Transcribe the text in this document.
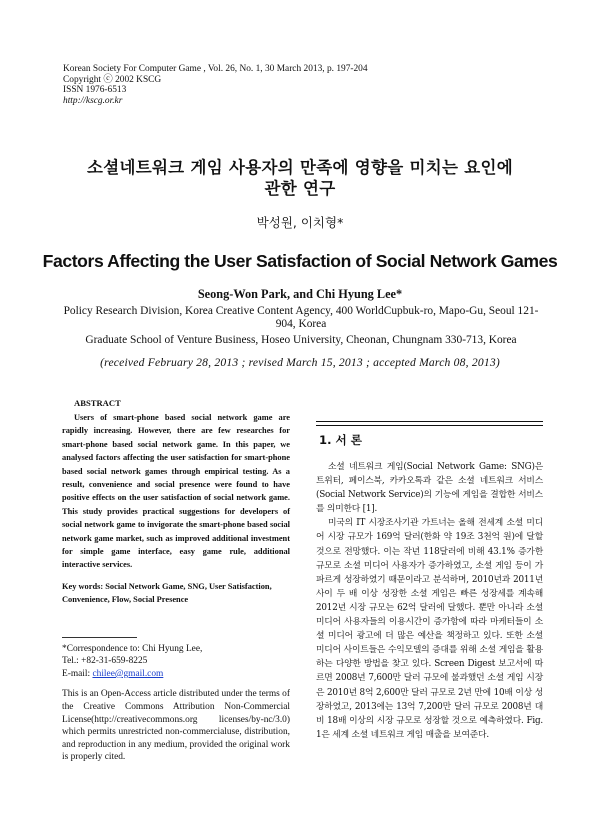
Korean Society For Computer Game , Vol. 26, No. 1, 30 March 2013, p. 197-204
Copyright ⓒ 2002 KSCG
ISSN 1976-6513
http://kscg.or.kr
소셜네트워크 게임 사용자의 만족에 영향을 미치는 요인에
관한 연구
박성원, 이치형*
Factors Affecting the User Satisfaction of Social Network Games
Seong-Won Park, and Chi Hyung Lee*

Policy Research Division, Korea Creative Content Agency, 400 WorldCupbuk-ro, Mapo-Gu, Seoul 121-904, Korea

Graduate School of Venture Business, Hoseo University, Cheonan, Chungnam 330-713, Korea

(received February 28, 2013 ; revised March 15, 2013 ; accepted March 08, 2013)
ABSTRACT

Users of smart-phone based social network game are rapidly increasing. However, there are few researches for smart-phone based social network game. In this paper, we analysed factors affecting the user satisfaction for smart-phone based social network games through empirical testing. As a result, convenience and social presence were found to have positive effects on the user satisfaction of social network game. This study provides practical suggestions for developers of social network game to invigorate the smart-phone based social network game market, such as improved additional investment for simple game interface, easy game rule, additional interactive services.

Key words: Social Network Game, SNG, User Satisfaction, Convenience, Flow, Social Presence
*Correspondence to: Chi Hyung Lee,
Tel.: +82-31-659-8225
E-mail: chilee@gmail.com
This is an Open-Access article distributed under the terms of the Creative Commons Attribution Non-Commercial License(http://creativecommons.org licenses/by-nc/3.0) which permits unrestricted non-commercialuse, distribution, and reproduction in any medium, provided the original work is properly cited.
1. 서 론

소셜 네트워크 게임(Social Network Game: SNG)은 트위터, 페이스북, 카카오톡과 같은 소셜 네트워크 서비스(Social Network Service)의 기능에 게임을 결합한 서비스를 의미한다 [1].

미국의 IT 시장조사기관 가트너는 올해 전세계 소셜 미디어 시장 규모가 169억 달러(한화 약 19조 3천억 원)에 달할 것으로 전망했다. 이는 작년 118달러에 비해 43.1% 증가한 규모로 소셜 미디어 사용자가 증가하였고, 소셜 게임 등이 가파르게 성장하였기 때문이라고 분석하며, 2010년과 2011년 사이 두 배 이상 성장한 소셜 게임은 빠른 성장세를 계속해 2012년 시장 규모는 62억 달러에 달했다. 뿐만 아니라 소셜 미디어 사용자들의 이용시간이 증가함에 따라 마케터들이 소셜 미디어 광고에 더 많은 예산을 책정하고 있다. 또한 소셜 미디어 사이트들은 수익모델의 증대를 위해 소셜 게임을 활용하는 다양한 방법을 찾고 있다. Screen Digest 보고서에 따르면 2008년 7,600만 달러 규모에 불과했던 소셜 게임 시장은 2010년 8억 2,600만 달러 규모로 2년 만에 10배 이상 성장하였고, 2013에는 13억 7,200만 달러 규모로 2008년 대비 18배 이상의 시장 규모로 성장할 것으로 예측하였다. Fig. 1은 세계 소셜 네트워크 게임 매출을 보여준다.
